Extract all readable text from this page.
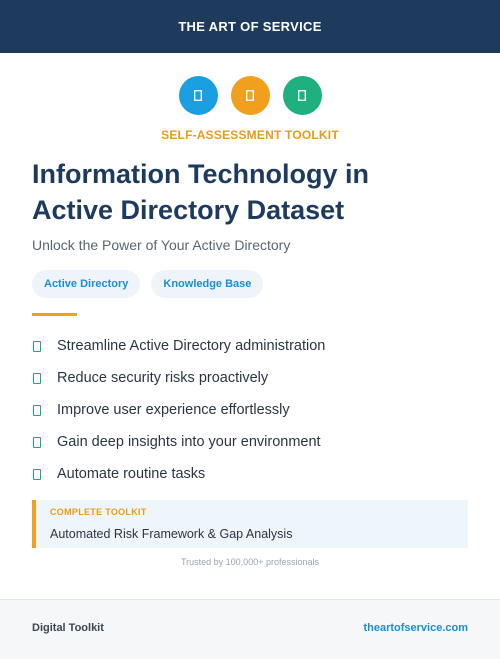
THE ART OF SERVICE
SELF-ASSESSMENT TOOLKIT
Information Technology in
Active Directory Dataset
Unlock the Power of Your Active Directory
Active Directory	Knowledge Base
Streamline Active Directory administration
Reduce security risks proactively
Improve user experience effortlessly
Gain deep insights into your environment
Automate routine tasks
COMPLETE TOOLKIT
Automated Risk Framework & Gap Analysis
Trusted by 100,000+ professionals
Digital Toolkit	theartofservice.com
